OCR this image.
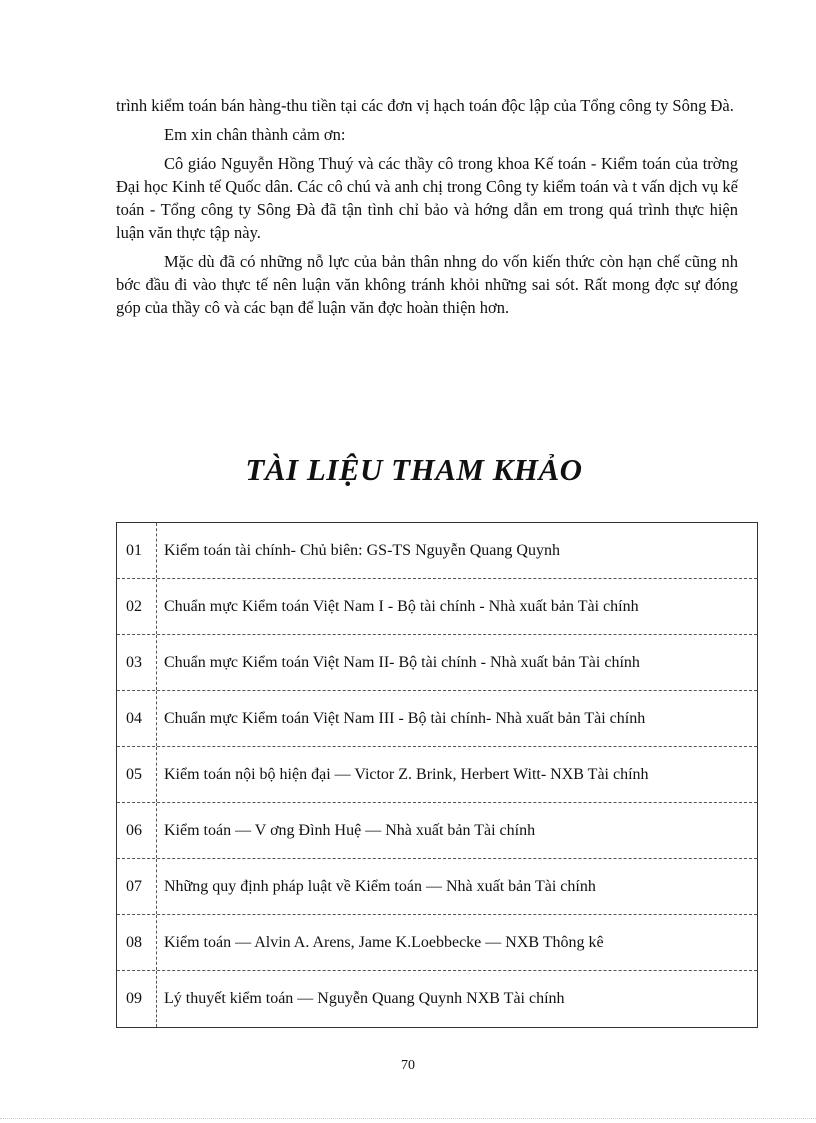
trình kiểm toán bán hàng-thu tiền tại các đơn vị hạch toán độc lập của Tổng công ty Sông Đà.

Em xin chân thành cảm ơn:

Cô giáo Nguyễn Hồng Thuý và các thầy cô trong khoa Kế toán - Kiểm toán của trờng Đại học Kinh tế Quốc dân. Các cô chú và anh chị trong Công ty kiểm toán và t vấn dịch vụ kế toán - Tổng công ty Sông Đà đã tận tình chỉ bảo và hớng dẫn em trong quá trình thực hiện luận văn thực tập này.

Mặc dù đã có những nỗ lực của bản thân nhng do vốn kiến thức còn hạn chế cũng nh bớc đầu đi vào thực tế nên luận văn không tránh khỏi những sai sót. Rất mong đợc sự đóng góp của thầy cô và các bạn để luận văn đợc hoàn thiện hơn.

TÀI LIỆU THAM KHẢO
01	Kiểm toán tài chính- Chủ biên: GS-TS Nguyễn Quang Quynh
02	Chuẩn mực Kiểm toán Việt Nam I - Bộ tài chính - Nhà xuất bản Tài chính
03	Chuẩn mực Kiểm toán Việt Nam II- Bộ tài chính - Nhà xuất bản Tài chính
04	Chuẩn mực Kiểm toán Việt Nam III - Bộ tài chính- Nhà xuất bản Tài chính
05	Kiểm toán nội bộ hiện đại — Victor Z. Brink, Herbert Witt- NXB Tài chính
06	Kiểm toán — V ơng Đình Huệ — Nhà xuất bản Tài chính
07	Những quy định pháp luật về Kiểm toán — Nhà xuất bản Tài chính
08	Kiểm toán — Alvin A. Arens, Jame K.Loebbecke — NXB Thông kê
09	Lý thuyết kiểm toán — Nguyễn Quang Quynh NXB Tài chính
70
